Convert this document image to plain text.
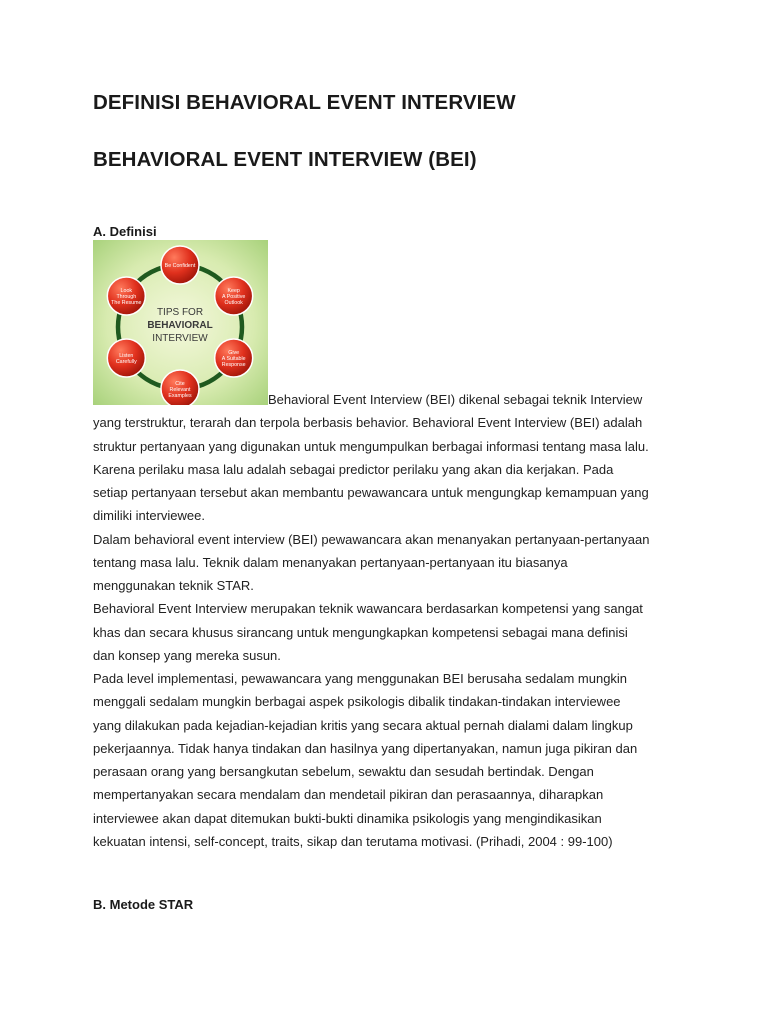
DEFINISI BEHAVIORAL EVENT INTERVIEW
BEHAVIORAL EVENT INTERVIEW (BEI)
A. Definisi
Be Confident
Keep
A Positive
Outlook
Give
A Suitable
Response
Cite
Relevant
Examples
Listen
Carefully
Look
Through
The Resume
TIPS FOR
BEHAVIORAL
INTERVIEW
Behavioral Event Interview (BEI) dikenal sebagai teknik Interview
yang terstruktur, terarah dan terpola berbasis behavior. Behavioral Event Interview (BEI) adalah
struktur pertanyaan yang digunakan untuk mengumpulkan berbagai informasi tentang masa lalu.
Karena perilaku masa lalu adalah sebagai predictor perilaku yang akan dia kerjakan. Pada
setiap pertanyaan tersebut akan membantu pewawancara untuk mengungkap kemampuan yang
dimiliki interviewee.
Dalam behavioral event interview (BEI) pewawancara akan menanyakan pertanyaan-pertanyaan
tentang masa lalu. Teknik dalam menanyakan pertanyaan-pertanyaan itu biasanya
menggunakan teknik STAR.
Behavioral Event Interview merupakan teknik wawancara berdasarkan kompetensi yang sangat
khas dan secara khusus sirancang untuk mengungkapkan kompetensi sebagai mana definisi
dan konsep yang mereka susun.
Pada level implementasi, pewawancara yang menggunakan BEI berusaha sedalam mungkin
menggali sedalam mungkin berbagai aspek psikologis dibalik tindakan-tindakan interviewee
yang dilakukan pada kejadian-kejadian kritis yang secara aktual pernah dialami dalam lingkup
pekerjaannya. Tidak hanya tindakan dan hasilnya yang dipertanyakan, namun juga pikiran dan
perasaan orang yang bersangkutan sebelum, sewaktu dan sesudah bertindak. Dengan
mempertanyakan secara mendalam dan mendetail pikiran dan perasaannya, diharapkan
interviewee akan dapat ditemukan bukti-bukti dinamika psikologis yang mengindikasikan
kekuatan intensi, self-concept, traits, sikap dan terutama motivasi. (Prihadi, 2004 : 99-100)
B. Metode STAR
